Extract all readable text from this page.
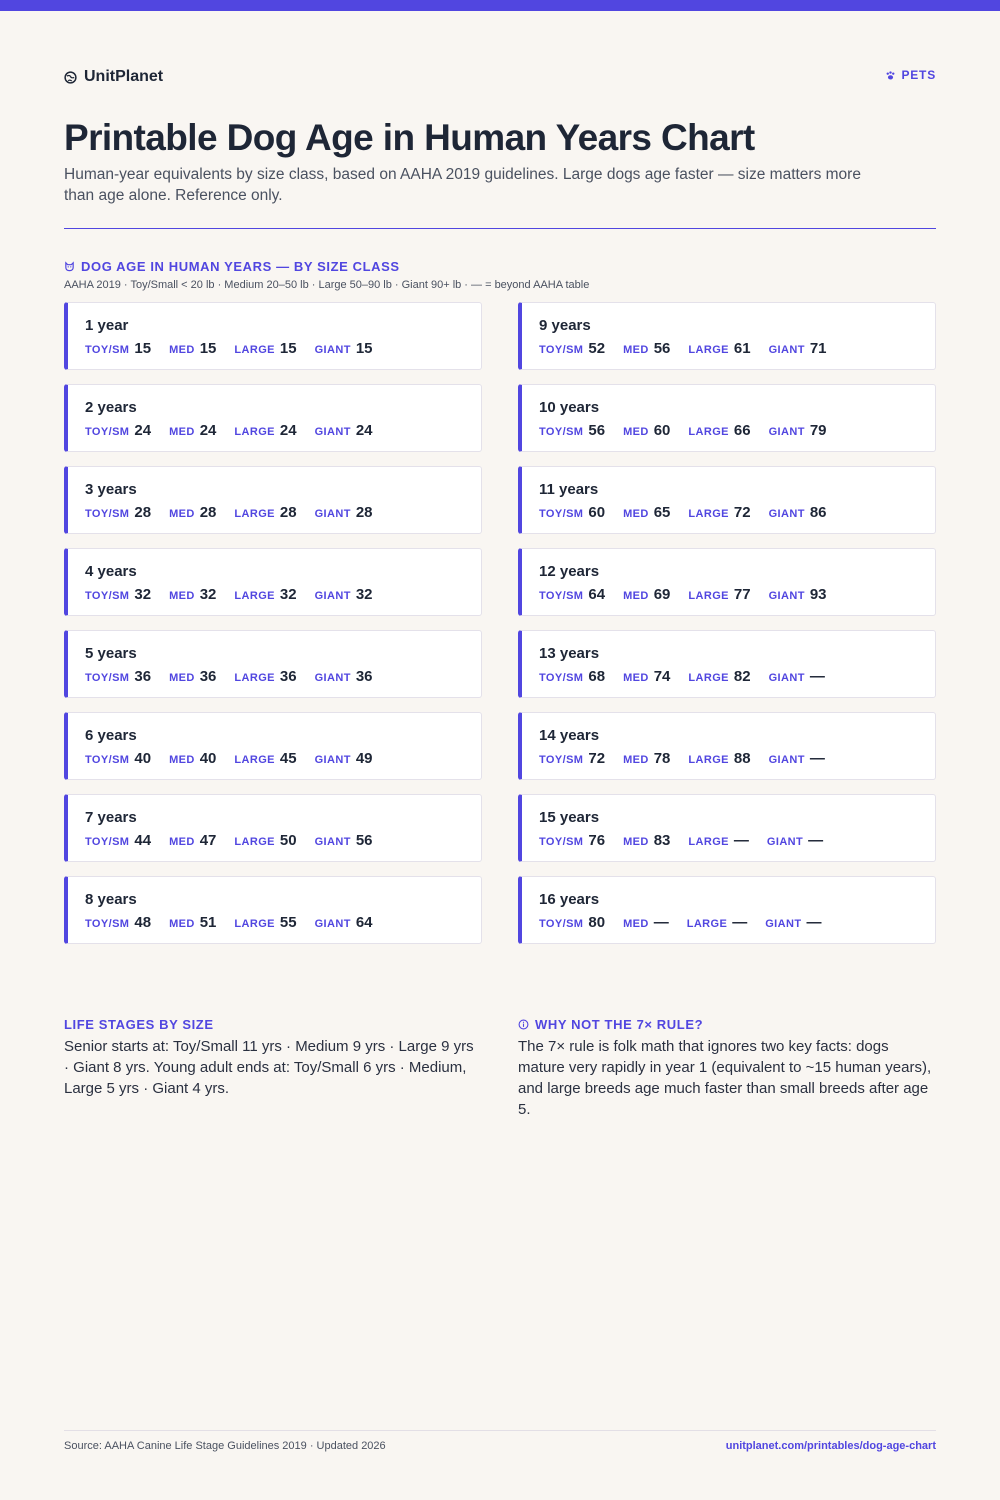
UnitPlanet	PETS
Printable Dog Age in Human Years Chart

Human-year equivalents by size class, based on AAHA 2019 guidelines. Large dogs age faster — size matters more than age alone. Reference only.

DOG AGE IN HUMAN YEARS — BY SIZE CLASS
AAHA 2019 · Toy/Small < 20 lb · Medium 20–50 lb · Large 50–90 lb · Giant 90+ lb · — = beyond AAHA table
1 year
TOY/SM 15 MED 15 LARGE 15 GIANT 15
2 years
TOY/SM 24 MED 24 LARGE 24 GIANT 24
3 years
TOY/SM 28 MED 28 LARGE 28 GIANT 28
4 years
TOY/SM 32 MED 32 LARGE 32 GIANT 32
5 years
TOY/SM 36 MED 36 LARGE 36 GIANT 36
6 years
TOY/SM 40 MED 40 LARGE 45 GIANT 49
7 years
TOY/SM 44 MED 47 LARGE 50 GIANT 56
8 years
TOY/SM 48 MED 51 LARGE 55 GIANT 64
9 years
TOY/SM 52 MED 56 LARGE 61 GIANT 71
10 years
TOY/SM 56 MED 60 LARGE 66 GIANT 79
11 years
TOY/SM 60 MED 65 LARGE 72 GIANT 86
12 years
TOY/SM 64 MED 69 LARGE 77 GIANT 93
13 years
TOY/SM 68 MED 74 LARGE 82 GIANT —
14 years
TOY/SM 72 MED 78 LARGE 88 GIANT —
15 years
TOY/SM 76 MED 83 LARGE — GIANT —
16 years
TOY/SM 80 MED — LARGE — GIANT —
LIFE STAGES BY SIZE

Senior starts at: Toy/Small 11 yrs · Medium 9 yrs · Large 9 yrs · Giant 8 yrs. Young adult ends at: Toy/Small 6 yrs · Medium, Large 5 yrs · Giant 4 yrs.

WHY NOT THE 7× RULE?

The 7× rule is folk math that ignores two key facts: dogs mature very rapidly in year 1 (equivalent to ~15 human years), and large breeds age much faster than small breeds after age 5.

Source: AAHA Canine Life Stage Guidelines 2019 · Updated 2026	unitplanet.com/printables/dog-age-chart
